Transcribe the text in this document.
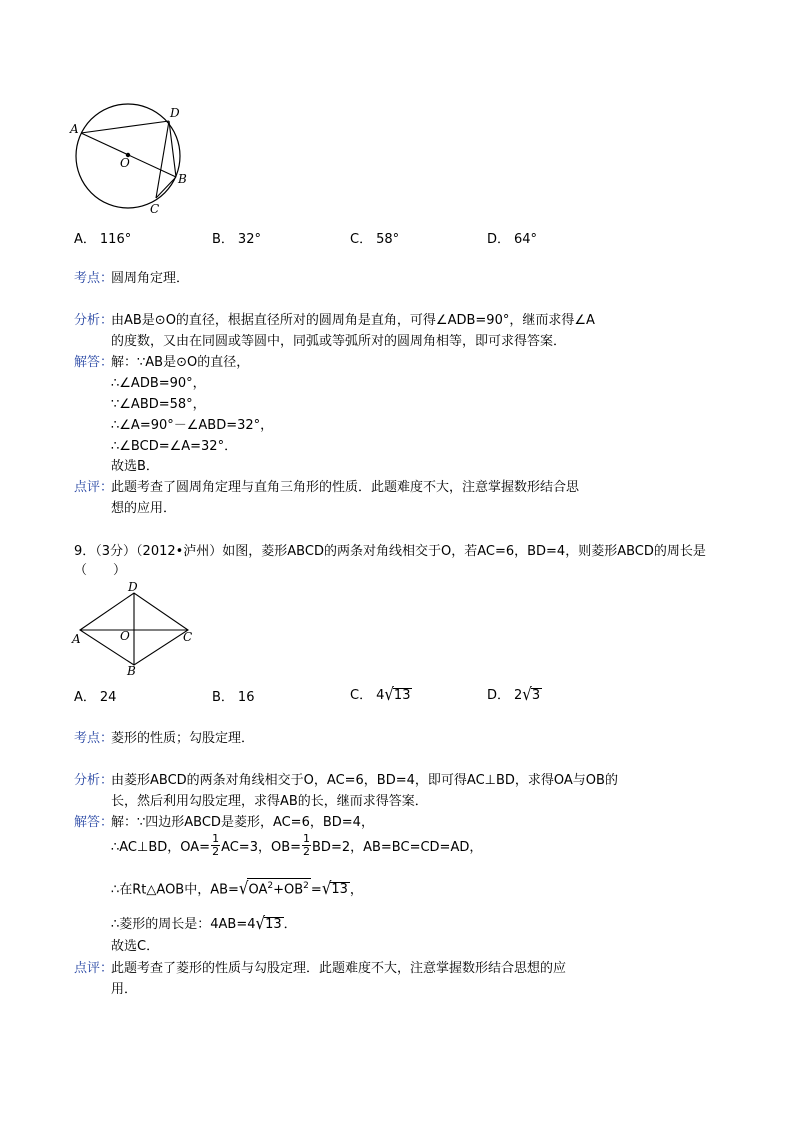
A
D
O
B
C
A． 116°	B． 32°	C． 58°	D． 64°
考点：
圆周角定理．
分析：
由AB是⊙O的直径，根据直径所对的圆周角是直角，可得∠ADB=90°，继而求得∠A
的度数，又由在同圆或等圆中，同弧或等弧所对的圆周角相等，即可求得答案．
解答：
解：∵AB是⊙O的直径，
∴∠ADB=90°，
∵∠ABD=58°，
∴∠A=90°－∠ABD=32°，
∴∠BCD=∠A=32°．
故选B．
点评：
此题考查了圆周角定理与直角三角形的性质．此题难度不大，注意掌握数形结合思
想的应用．
9．（3分）（2012•泸州）如图，菱形ABCD的两条对角线相交于O，若AC=6，BD=4，则菱形ABCD的周长是
（　　）
D
A	O	C
B
A． 24	B． 16	C． 4√13	D． 2√3
考点：
菱形的性质；勾股定理．
分析：
由菱形ABCD的两条对角线相交于O，AC=6，BD=4，即可得AC⊥BD，求得OA与OB的
长，然后利用勾股定理，求得AB的长，继而求得答案．
解答：
解：∵四边形ABCD是菱形，AC=6，BD=4，
∴AC⊥BD，$OA= \frac{1}{2} AC=3$，$OB= \frac{1}{2} BD=2$，AB=BC=CD=AD，
∴在Rt△AOB中，$AB=√OA^2+OB^2 =√13$ ，
∴菱形的周长是：4AB=4√13 ．
故选C．
点评：
此题考查了菱形的性质与勾股定理．此题难度不大，注意掌握数形结合思想的应
用．
